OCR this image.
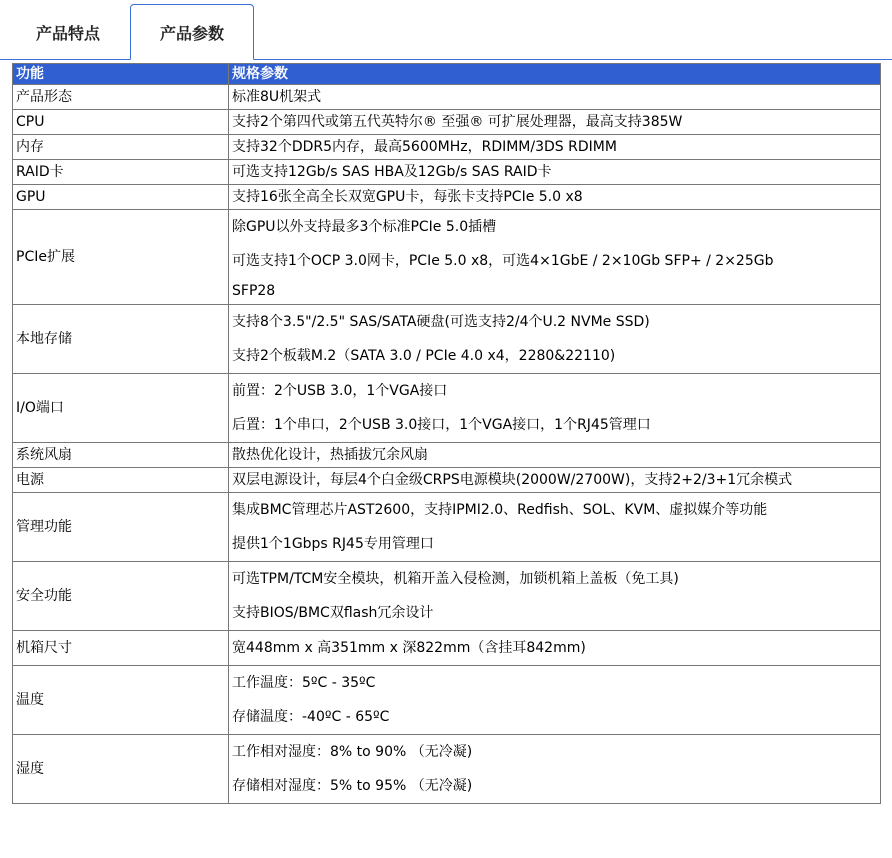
产品特点	产品参数
功能	规格参数
产品形态	标准8U机架式
CPU	支持2个第四代或第五代英特尔® 至强® 可扩展处理器，最高支持385W
内存	支持32个DDR5内存，最高5600MHz，RDIMM/3DS RDIMM
RAID卡	可选支持12Gb/s SAS HBA及12Gb/s SAS RAID卡
GPU	支持16张全高全长双宽GPU卡，每张卡支持PCIe 5.0 x8
PCIe扩展	除GPU以外支持最多3个标准PCIe 5.0插槽
可选支持1个OCP 3.0网卡，PCIe 5.0 x8，可选4×1GbE / 2×10Gb SFP+ / 2×25Gb
SFP28

本地存储	支持8个3.5"/2.5" SAS/SATA硬盘(可选支持2/4个U.2 NVMe SSD)
支持2个板载M.2（SATA 3.0 / PCIe 4.0 x4，2280&22110)

I/O端口	前置：2个USB 3.0，1个VGA接口
后置：1个串口，2个USB 3.0接口，1个VGA接口，1个RJ45管理口

系统风扇	散热优化设计，热插拔冗余风扇
电源	双层电源设计，每层4个白金级CRPS电源模块(2000W/2700W)，支持2+2/3+1冗余模式
管理功能	集成BMC管理芯片AST2600，支持IPMI2.0、Redfish、SOL、KVM、虚拟媒介等功能
提供1个1Gbps RJ45专用管理口

安全功能	可选TPM/TCM安全模块，机箱开盖入侵检测，加锁机箱上盖板（免工具)
支持BIOS/BMC双flash冗余设计

机箱尺寸	宽448mm x 高351mm x 深822mm（含挂耳842mm)

温度	工作温度：5ºC - 35ºC
存储温度：-40ºC - 65ºC

湿度	工作相对湿度：8% to 90% （无冷凝)
存储相对湿度：5% to 95% （无冷凝)
